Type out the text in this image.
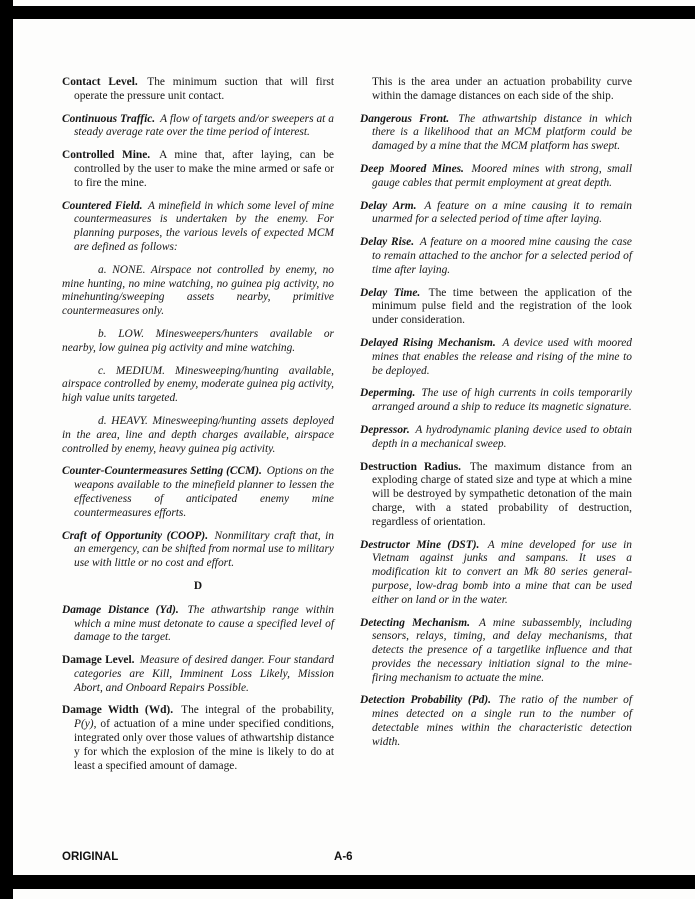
Contact Level. The minimum suction that will first operate the pressure unit contact.

Continuous Traffic. A flow of targets and/or sweepers at a steady average rate over the time period of interest.

Controlled Mine. A mine that, after laying, can be controlled by the user to make the mine armed or safe or to fire the mine.

Countered Field. A minefield in which some level of mine countermeasures is undertaken by the enemy. For planning purposes, the various levels of expected MCM are defined as follows:

a. NONE. Airspace not controlled by enemy, no mine hunting, no mine watching, no guinea pig activity, no minehunting/sweeping assets nearby, primitive countermeasures only.

b. LOW. Minesweepers/hunters available or nearby, low guinea pig activity and mine watching.

c. MEDIUM. Minesweeping/hunting available, airspace controlled by enemy, moderate guinea pig activity, high value units targeted.

d. HEAVY. Minesweeping/hunting assets deployed in the area, line and depth charges available, airspace controlled by enemy, heavy guinea pig activity.

Counter-Countermeasures Setting (CCM). Options on the weapons available to the minefield planner to lessen the effectiveness of anticipated enemy mine countermeasures efforts.

Craft of Opportunity (COOP). Nonmilitary craft that, in an emergency, can be shifted from normal use to military use with little or no cost and effort.

D

Damage Distance (Yd). The athwartship range within which a mine must detonate to cause a specified level of damage to the target.

Damage Level. Measure of desired danger. Four standard categories are Kill, Imminent Loss Likely, Mission Abort, and Onboard Repairs Possible.

Damage Width (Wd). The integral of the probability, P(y), of actuation of a mine under specified conditions, integrated only over those values of athwartship distance y for which the explosion of the mine is likely to do at least a specified amount of damage.

This is the area under an actuation probability curve within the damage distances on each side of the ship.

Dangerous Front. The athwartship distance in which there is a likelihood that an MCM platform could be damaged by a mine that the MCM platform has swept.

Deep Moored Mines. Moored mines with strong, small gauge cables that permit employment at great depth.

Delay Arm. A feature on a mine causing it to remain unarmed for a selected period of time after laying.

Delay Rise. A feature on a moored mine causing the case to remain attached to the anchor for a selected period of time after laying.

Delay Time. The time between the application of the minimum pulse field and the registration of the look under consideration.

Delayed Rising Mechanism. A device used with moored mines that enables the release and rising of the mine to be deployed.

Deperming. The use of high currents in coils temporarily arranged around a ship to reduce its magnetic signature.

Depressor. A hydrodynamic planing device used to obtain depth in a mechanical sweep.

Destruction Radius. The maximum distance from an exploding charge of stated size and type at which a mine will be destroyed by sympathetic detonation of the main charge, with a stated probability of destruction, regardless of orientation.

Destructor Mine (DST). A mine developed for use in Vietnam against junks and sampans. It uses a modification kit to convert an Mk 80 series general-purpose, low-drag bomb into a mine that can be used either on land or in the water.

Detecting Mechanism. A mine subassembly, including sensors, relays, timing, and delay mechanisms, that detects the presence of a targetlike influence and that provides the necessary initiation signal to the mine-firing mechanism to actuate the mine.

Detection Probability (Pd). The ratio of the number of mines detected on a single run to the number of detectable mines within the characteristic detection width.

ORIGINAL	A-6
